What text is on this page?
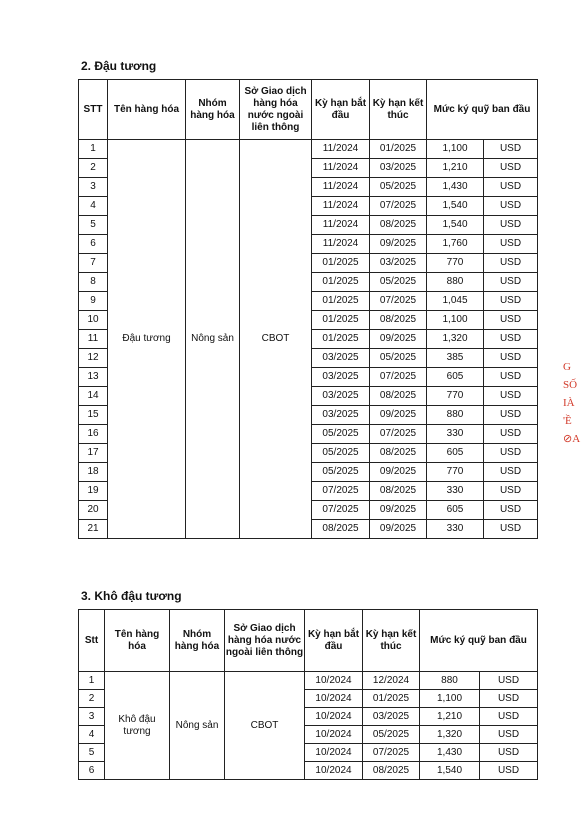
2. Đậu tương
STT	Tên hàng hóa	Nhóm hàng hóa	Sở Giao dịch hàng hóa nước ngoài liên thông	Kỳ hạn bắt đầu	Kỳ hạn kết thúc	Mức ký quỹ ban đầu	
1	Đậu tương	Nông sản	CBOT	11/2024	01/2025	1,100	USD
2				11/2024	03/2025	1,210	USD
3				11/2024	05/2025	1,430	USD
4				11/2024	07/2025	1,540	USD
5				11/2024	08/2025	1,540	USD
6				11/2024	09/2025	1,760	USD
7				01/2025	03/2025	770	USD
8				01/2025	05/2025	880	USD
9				01/2025	07/2025	1,045	USD
10				01/2025	08/2025	1,100	USD
11				01/2025	09/2025	1,320	USD
12				03/2025	05/2025	385	USD
13				03/2025	07/2025	605	USD
14				03/2025	08/2025	770	USD
15				03/2025	09/2025	880	USD
16				05/2025	07/2025	330	USD
17				05/2025	08/2025	605	USD
18				05/2025	09/2025	770	USD
19				07/2025	08/2025	330	USD
20				07/2025	09/2025	605	USD
21				08/2025	09/2025	330	USD
3. Khô đậu tương
Stt	Tên hàng hóa	Nhóm hàng hóa	Sở Giao dịch hàng hóa nước ngoài liên thông	Kỳ hạn bắt đầu	Kỳ hạn kết thúc	Mức ký quỹ ban đầu	
1	Khô đậu tương	Nông sản	CBOT	10/2024	12/2024	880	USD
2				10/2024	01/2025	1,100	USD
3				10/2024	03/2025	1,210	USD
4				10/2024	05/2025	1,320	USD
5				10/2024	07/2025	1,430	USD
6				10/2024	08/2025	1,540	USD
G
SỐ
IÀ
'Ề
⊘A
